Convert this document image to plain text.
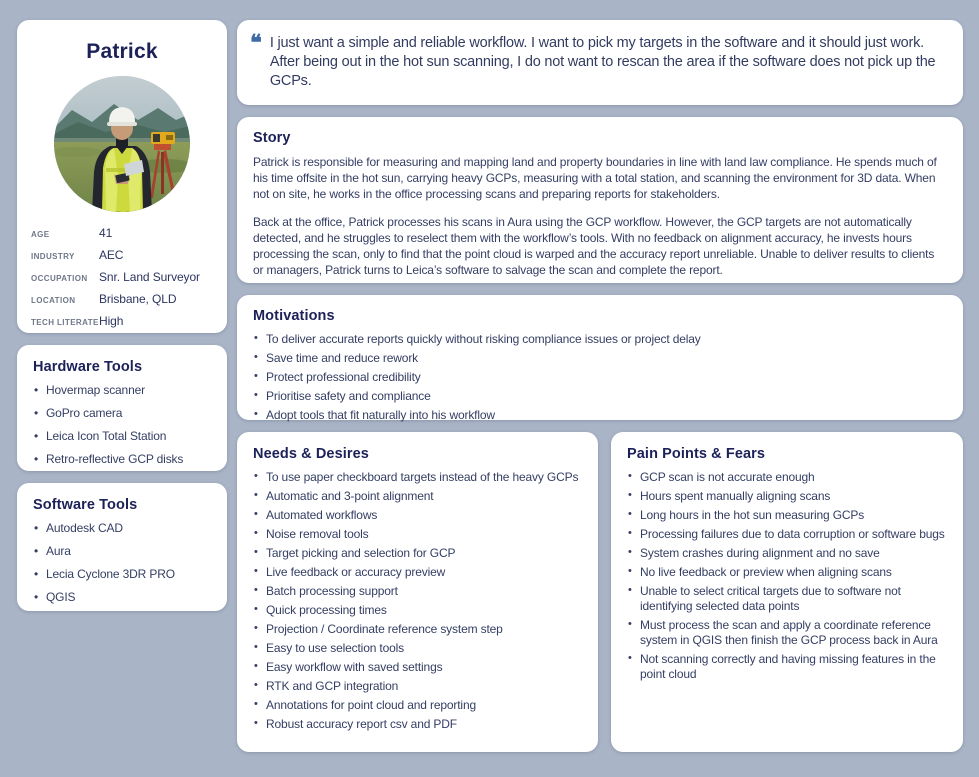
Patrick
AGE	41
INDUSTRY	AEC
OCCUPATION Snr. Land Surveyor
LOCATION	Brisbane, QLD
TECH LITERATE High
Hardware Tools
• Hovermap scanner
• GoPro camera
• Leica Icon Total Station
• Retro-reflective GCP disks
Software Tools
• Autodesk CAD
• Aura
• Lecia Cyclone 3DR PRO
• QGIS
❝ I just want a simple and reliable workflow. I want to pick my targets in the software and it should just work. After being out in the hot sun scanning, I do not want to rescan the area if the software does not pick up the GCPs.
Story

Patrick is responsible for measuring and mapping land and property boundaries in line with land law compliance. He spends much of his time offsite in the hot sun, carrying heavy GCPs, measuring with a total station, and scanning the environment for 3D data. When not on site, he works in the office processing scans and preparing reports for stakeholders.

Back at the office, Patrick processes his scans in Aura using the GCP workflow. However, the GCP targets are not automatically detected, and he struggles to reselect them with the workflow’s tools. With no feedback on alignment accuracy, he invests hours processing the scan, only to find that the point cloud is warped and the accuracy report unreliable. Unable to deliver results to clients or managers, Patrick turns to Leica’s software to salvage the scan and complete the report.

Motivations
• To deliver accurate reports quickly without risking compliance issues or project delay
• Save time and reduce rework
• Protect professional credibility
• Prioritise safety and compliance
• Adopt tools that fit naturally into his workflow
Needs & Desires
• To use paper checkboard targets instead of the heavy GCPs
• Automatic and 3-point alignment
• Automated workflows
• Noise removal tools
• Target picking and selection for GCP
• Live feedback or accuracy preview
• Batch processing support
• Quick processing times
• Projection / Coordinate reference system step
• Easy to use selection tools
• Easy workflow with saved settings
• RTK and GCP integration
• Annotations for point cloud and reporting
• Robust accuracy report csv and PDF
Pain Points & Fears
• GCP scan is not accurate enough
• Hours spent manually aligning scans
• Long hours in the hot sun measuring GCPs
• Processing failures due to data corruption or software bugs
• System crashes during alignment and no save
• No live feedback or preview when aligning scans
• Unable to select critical targets due to software not identifying selected data points
• Must process the scan and apply a coordinate reference system in QGIS then finish the GCP process back in Aura
• Not scanning correctly and having missing features in the point cloud
